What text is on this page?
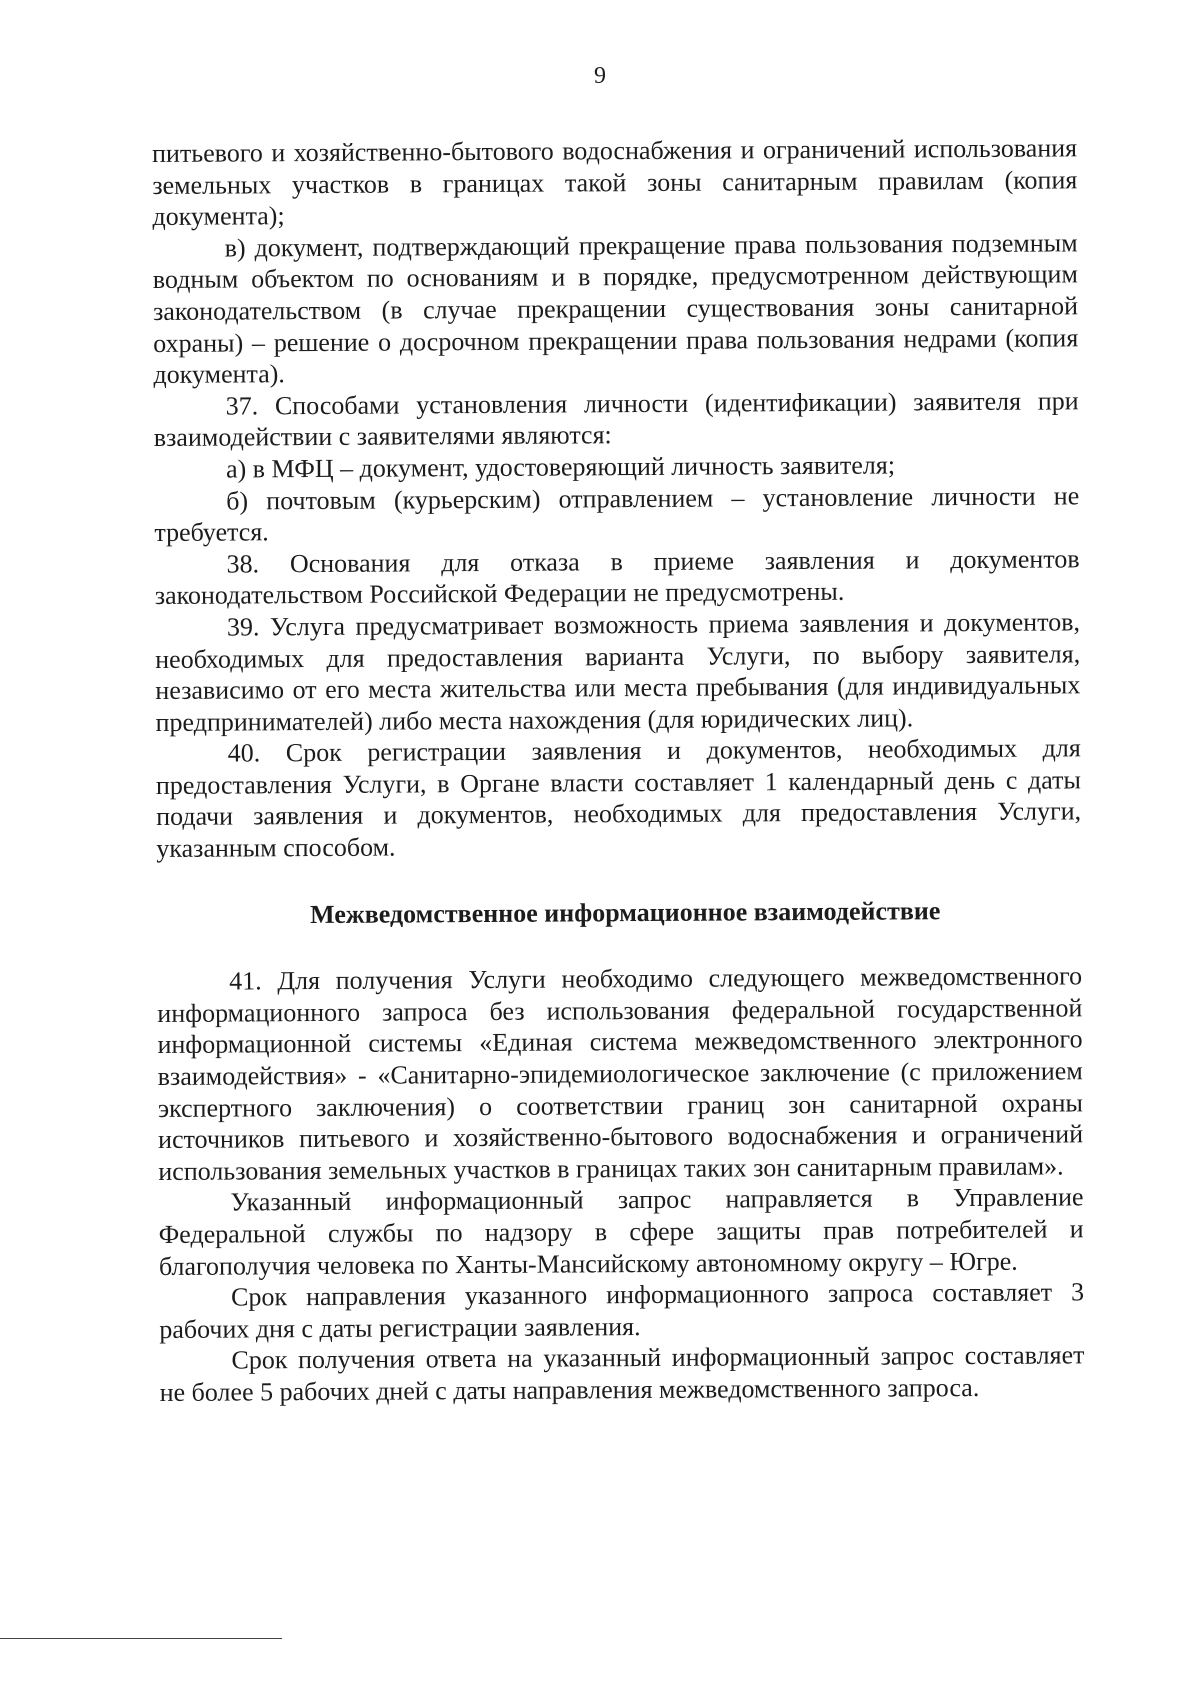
9

питьевого и хозяйственно-бытового водоснабжения и ограничений использования земельных участков в границах такой зоны санитарным правилам (копия документа);

в) документ, подтверждающий прекращение права пользования подземным водным объектом по основаниям и в порядке, предусмотренном действующим законодательством (в случае прекращении существования зоны санитарной охраны) – решение о досрочном прекращении права пользования недрами (копия документа).

37. Способами установления личности (идентификации) заявителя при взаимодействии с заявителями являются:

а) в МФЦ – документ, удостоверяющий личность заявителя;

б) почтовым (курьерским) отправлением – установление личности не требуется.

38. Основания для отказа в приеме заявления и документов законодательством Российской Федерации не предусмотрены.

39. Услуга предусматривает возможность приема заявления и документов, необходимых для предоставления варианта Услуги, по выбору заявителя, независимо от его места жительства или места пребывания (для индивидуальных предпринимателей) либо места нахождения (для юридических лиц).

40. Срок регистрации заявления и документов, необходимых для предоставления Услуги, в Органе власти составляет 1 календарный день с даты подачи заявления и документов, необходимых для предоставления Услуги, указанным способом.

Межведомственное информационное взаимодействие

41. Для получения Услуги необходимо следующего межведомственного информационного запроса без использования федеральной государственной информационной системы «Единая система межведомственного электронного взаимодействия» - «Санитарно-эпидемиологическое заключение (с приложением экспертного заключения) о соответствии границ зон санитарной охраны источников питьевого и хозяйственно-бытового водоснабжения и ограничений использования земельных участков в границах таких зон санитарным правилам».

Указанный информационный запрос направляется в Управление Федеральной службы по надзору в сфере защиты прав потребителей и благополучия человека по Ханты-Мансийскому автономному округу – Югре.

Срок направления указанного информационного запроса составляет 3 рабочих дня с даты регистрации заявления.

Срок получения ответа на указанный информационный запрос составляет не более 5 рабочих дней с даты направления межведомственного запроса.
